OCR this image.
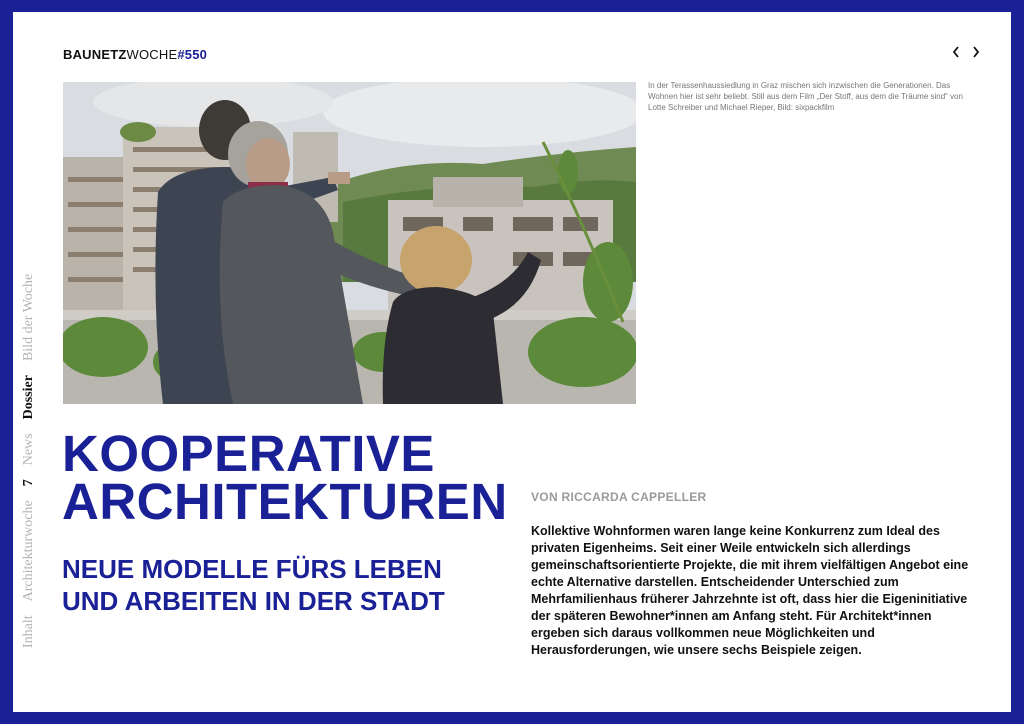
BAUNETZWOCHE#550
Inhalt
Architekturwoche
7
News
Dossier
Bild der Woche
In der Terassenhaussiedlung in Graz mischen sich inzwischen die Generationen. Das Wohnen hier ist sehr beliebt. Still aus dem Film „Der Stoff, aus dem die Träume sind“ von Lotte Schreiber und Michael Rieper, Bild: sixpackfilm
KOOPERATIVE
ARCHITEKTUREN
NEUE MODELLE FÜRS LEBEN
UND ARBEITEN IN DER STADT
VON RICCARDA CAPPELLER

Kollektive Wohnformen waren lange keine Konkurrenz zum Ideal des privaten Eigenheims. Seit einer Weile entwickeln sich allerdings gemeinschaftsorientierte Projekte, die mit ihrem vielfältigen Angebot eine echte Alternative darstellen. Entscheidender Unterschied zum Mehrfamilienhaus früherer Jahrzehnte ist oft, dass hier die Eigeninitiative der späteren Bewohner*innen am Anfang steht. Für Architekt*innen ergeben sich daraus vollkommen neue Möglichkeiten und Herausforderungen, wie unsere sechs Beispiele zeigen.
